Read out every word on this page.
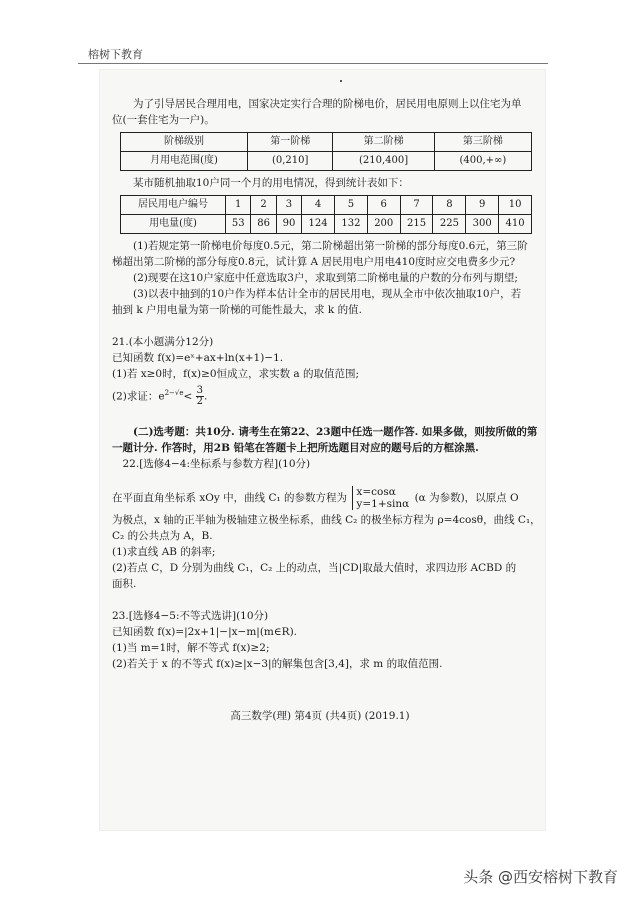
榕树下教育

为了引导居民合理用电，国家决定实行合理的阶梯电价，居民用电原则上以住宅为单

位(一套住宅为一户)。

阶梯级别	第一阶梯	第二阶梯	第三阶梯
月用电范围(度)	(0,210]	(210,400]	(400,+∞)

某市随机抽取10户同一个月的用电情况，得到统计表如下：

居民用电户编号	1	2	3	4	5	6	7	8	9	10
用电量(度)	53	86	90	124	132	200	215	225	300	410

(1)若规定第一阶梯电价每度0.5元，第二阶梯超出第一阶梯的部分每度0.6元，第三阶

梯超出第二阶梯的部分每度0.8元，试计算 A 居民用电户用电410度时应交电费多少元?

(2)现要在这10户家庭中任意选取3户，求取到第二阶梯电量的户数的分布列与期望;

(3)以表中抽到的10户作为样本估计全市的居民用电，现从全市中依次抽取10户，若

抽到 k 户用电量为第一阶梯的可能性最大，求 k 的值.

21.(本小题满分12分)

已知函数 f(x)=eˣ+ax+ln(x+1)−1.

(1)若 x≥0时，f(x)≥0恒成立，求实数 a 的取值范围;

(2)求证：$e^{2-√e}< \frac{3}{2}$ .

(二)选考题：共10分. 请考生在第22、23题中任选一题作答. 如果多做，则按所做的第

一题计分. 作答时，用2B 铅笔在答题卡上把所选题目对应的题号后的方框涂黑.

22.[选修4−4:坐标系与参数方程](10分)

在平面直角坐标系 xOy 中，曲线 C₁ 的参数方程为 x=cosα
y=1+sinα (α 为参数)，以原点 O

为极点，x 轴的正半轴为极轴建立极坐标系，曲线 C₂ 的极坐标方程为 ρ=4cosθ，曲线 C₁，

C₂ 的公共点为 A，B.

(1)求直线 AB 的斜率;

(2)若点 C，D 分别为曲线 C₁，C₂ 上的动点，当|CD|取最大值时，求四边形 ACBD 的

面积.

23.[选修4−5:不等式选讲](10分)

已知函数 f(x)=|2x+1|−|x−m|(m∈R).

(1)当 m=1时，解不等式 f(x)≥2;

(2)若关于 x 的不等式 f(x)≥|x−3|的解集包含[3,4]，求 m 的取值范围.

高三数学(理) 第4页 (共4页) (2019.1)
头条 @西安榕树下教育
